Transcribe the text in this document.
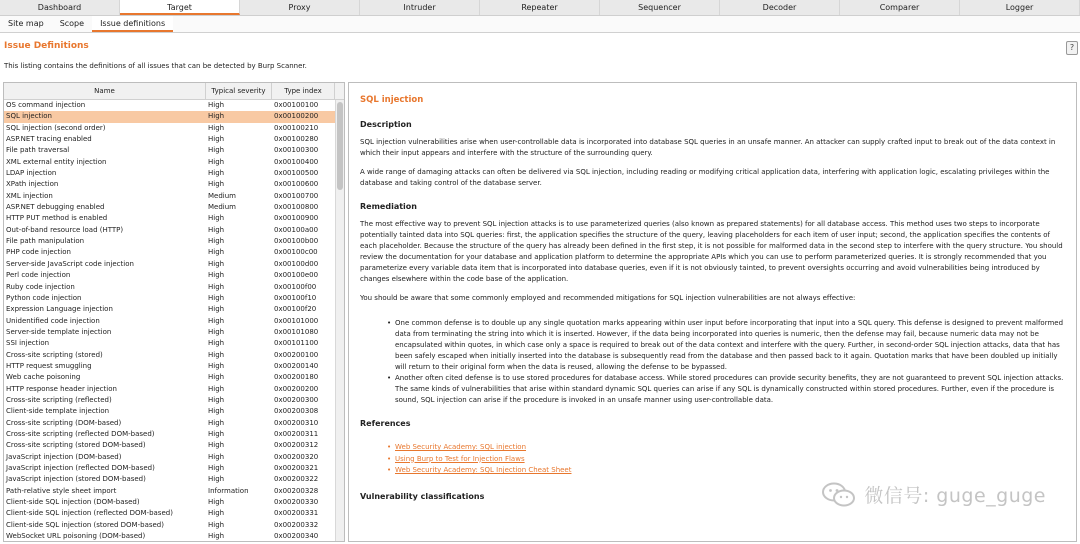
Dashboard	Target	Proxy	Intruder	Repeater	Sequencer	Decoder	Comparer	Logger
Site map	Scope	Issue definitions
Issue Definitions
This listing contains the definitions of all issues that can be detected by Burp Scanner.
?
Name	Typical severity	Type index
OS command injection	High	0x00100100
SQL injection	High	0x00100200
SQL injection (second order)	High	0x00100210
ASP.NET tracing enabled	High	0x00100280
File path traversal	High	0x00100300
XML external entity injection	High	0x00100400
LDAP injection	High	0x00100500
XPath injection	High	0x00100600
XML injection	Medium	0x00100700
ASP.NET debugging enabled	Medium	0x00100800
HTTP PUT method is enabled	High	0x00100900
Out-of-band resource load (HTTP)	High	0x00100a00
File path manipulation	High	0x00100b00
PHP code injection	High	0x00100c00
Server-side JavaScript code injection	High	0x00100d00
Perl code injection	High	0x00100e00
Ruby code injection	High	0x00100f00
Python code injection	High	0x00100f10
Expression Language injection	High	0x00100f20
Unidentified code injection	High	0x00101000
Server-side template injection	High	0x00101080
SSI injection	High	0x00101100
Cross-site scripting (stored)	High	0x00200100
HTTP request smuggling	High	0x00200140
Web cache poisoning	High	0x00200180
HTTP response header injection	High	0x00200200
Cross-site scripting (reflected)	High	0x00200300
Client-side template injection	High	0x00200308
Cross-site scripting (DOM-based)	High	0x00200310
Cross-site scripting (reflected DOM-based)	High	0x00200311
Cross-site scripting (stored DOM-based)	High	0x00200312
JavaScript injection (DOM-based)	High	0x00200320
JavaScript injection (reflected DOM-based)	High	0x00200321
JavaScript injection (stored DOM-based)	High	0x00200322
Path-relative style sheet import	Information	0x00200328
Client-side SQL injection (DOM-based)	High	0x00200330
Client-side SQL injection (reflected DOM-based)	High	0x00200331
Client-side SQL injection (stored DOM-based)	High	0x00200332
WebSocket URL poisoning (DOM-based)	High	0x00200340
SQL injection
Description

SQL injection vulnerabilities arise when user-controllable data is incorporated into database SQL queries in an unsafe manner. An attacker can supply crafted input to break out of the data context in which their input appears and interfere with the structure of the surrounding query.

A wide range of damaging attacks can often be delivered via SQL injection, including reading or modifying critical application data, interfering with application logic, escalating privileges within the database and taking control of the database server.

Remediation

The most effective way to prevent SQL injection attacks is to use parameterized queries (also known as prepared statements) for all database access. This method uses two steps to incorporate potentially tainted data into SQL queries: first, the application specifies the structure of the query, leaving placeholders for each item of user input; second, the application specifies the contents of each placeholder. Because the structure of the query has already been defined in the first step, it is not possible for malformed data in the second step to interfere with the query structure. You should review the documentation for your database and application platform to determine the appropriate APIs which you can use to perform parameterized queries. It is strongly recommended that you parameterize every variable data item that is incorporated into database queries, even if it is not obviously tainted, to prevent oversights occurring and avoid vulnerabilities being introduced by changes elsewhere within the code base of the application.

You should be aware that some commonly employed and recommended mitigations for SQL injection vulnerabilities are not always effective:

• One common defense is to double up any single quotation marks appearing within user input before incorporating that input into a SQL query. This defense is designed to prevent malformed data from terminating the string into which it is inserted. However, if the data being incorporated into queries is numeric, then the defense may fail, because numeric data may not be encapsulated within quotes, in which case only a space is required to break out of the data context and interfere with the query. Further, in second-order SQL injection attacks, data that has been safely escaped when initially inserted into the database is subsequently read from the database and then passed back to it again. Quotation marks that have been doubled up initially will return to their original form when the data is reused, allowing the defense to be bypassed.
• Another often cited defense is to use stored procedures for database access. While stored procedures can provide security benefits, they are not guaranteed to prevent SQL injection attacks. The same kinds of vulnerabilities that arise within standard dynamic SQL queries can arise if any SQL is dynamically constructed within stored procedures. Further, even if the procedure is sound, SQL injection can arise if the procedure is invoked in an unsafe manner using user-controllable data.
References
• Web Security Academy: SQL injection
• Using Burp to Test for Injection Flaws
• Web Security Academy: SQL Injection Cheat Sheet
Vulnerability classifications	微信号: guge_guge
